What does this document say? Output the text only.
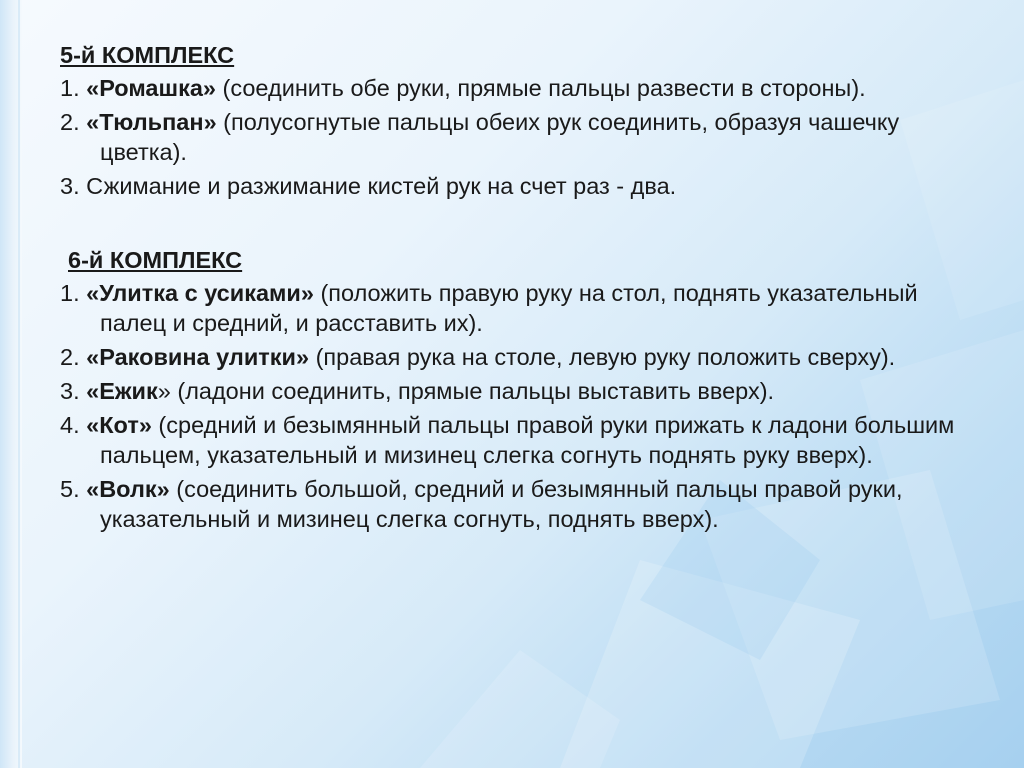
5-й КОМПЛЕКС
1. «Ромашка» (соединить обе руки, прямые пальцы развести в стороны).
2. «Тюльпан» (полусогнутые пальцы обеих рук соединить, образуя чашечку цветка).
3. Сжимание и разжимание кистей рук на счет раз - два.
6-й КОМПЛЕКС
1. «Улитка с усиками» (положить правую руку на стол, поднять указательный палец и средний, и расставить их).
2. «Раковина улитки» (правая рука на столе, левую руку положить сверху).
3. «Ежик» (ладони соединить, прямые пальцы выставить вверх).
4. «Кот» (средний и безымянный пальцы правой руки прижать к ладони большим пальцем, указательный и мизинец слегка согнуть поднять руку вверх).
5. «Волк» (соединить большой, средний и безымянный пальцы правой руки, указательный и мизинец слегка согнуть, поднять вверх).
